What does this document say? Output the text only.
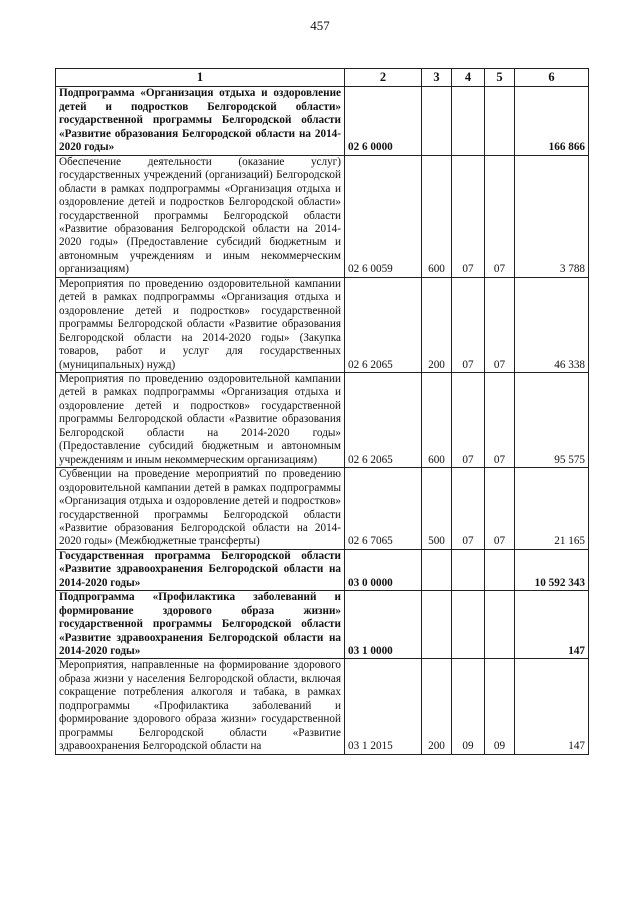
457
1	2	3	4	5	6
Подпрограмма «Организация отдыха и оздоровление детей и подростков Белгородской области» государственной программы Белгородской области «Развитие образования Белгородской области на 2014-2020 годы»	02 6 0000				166 866
Обеспечение деятельности (оказание услуг) государственных учреждений (организаций) Белгородской области в рамках подпрограммы «Организация отдыха и оздоровление детей и подростков Белгородской области» государственной программы Белгородской области «Развитие образования Белгородской области на 2014-2020 годы» (Предоставление субсидий бюджетным и автономным учреждениям и иным некоммерческим организациям)	02 6 0059	600	07	07	3 788
Мероприятия по проведению оздоровительной кампании детей в рамках подпрограммы «Организация отдыха и оздоровление детей и подростков» государственной программы Белгородской области «Развитие образования Белгородской области на 2014-2020 годы» (Закупка товаров, работ и услуг для государственных (муниципальных) нужд)	02 6 2065	200	07	07	46 338
Мероприятия по проведению оздоровительной кампании детей в рамках подпрограммы «Организация отдыха и оздоровление детей и подростков» государственной программы Белгородской области «Развитие образования Белгородской области на 2014-2020 годы» (Предоставление субсидий бюджетным и автономным учреждениям и иным некоммерческим организациям)	02 6 2065	600	07	07	95 575
Субвенции на проведение мероприятий по проведению оздоровительной кампании детей в рамках подпрограммы «Организация отдыха и оздоровление детей и подростков» государственной программы Белгородской области «Развитие образования Белгородской области на 2014-2020 годы» (Межбюджетные трансферты)	02 6 7065	500	07	07	21 165
Государственная программа Белгородской области «Развитие здравоохранения Белгородской области на 2014-2020 годы»	03 0 0000				10 592 343
Подпрограмма «Профилактика заболеваний и формирование здорового образа жизни» государственной программы Белгородской области «Развитие здравоохранения Белгородской области на 2014-2020 годы»	03 1 0000				147
Мероприятия, направленные на формирование здорового образа жизни у населения Белгородской области, включая сокращение потребления алкоголя и табака, в рамках подпрограммы «Профилактика заболеваний и формирование здорового образа жизни» государственной программы Белгородской области «Развитие здравоохранения Белгородской области на	03 1 2015	200	09	09	147
